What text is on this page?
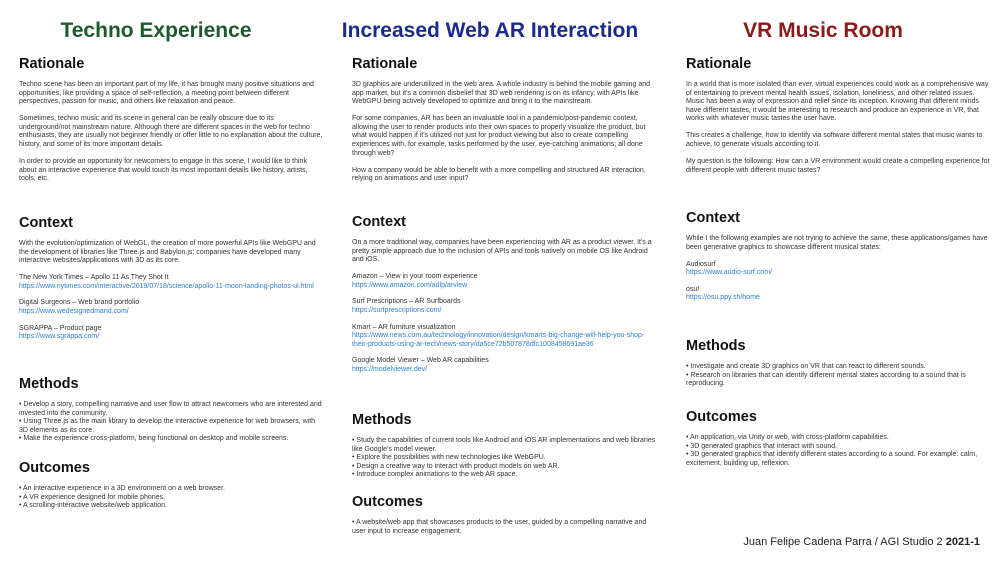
Techno Experience
Rationale

Techno scene has been an important part of my life, it has brought many positive situations and opportunities, like providing a space of self-reflection, a meeting point between different perspectives, passion for music, and others like relaxation and peace.

Sometimes, techno music and its scene in general can be really obscure due to its underground/not mainstream nature. Although there are different spaces in the web for techno enthusiasts, they are usually not beginner friendly or offer little to no explanation about the culture, history, and some of its more important details.

In order to provide an opportunity for newcomers to engage in this scene, I would like to think about an interactive experience that would touch its most important details like history, artists, tools, etc.

Context

With the evolution/optimization of WebGL, the creation of more powerful APIs like WebGPU and the development of libraries like Three.js and Babylon.js; companies have developed many interactive websites/applications with 3D as its core.

The New York Times – Apollo 11 As They Shot It
https://www.nytimes.com/interactive/2019/07/18/science/apollo-11-moon-landing-photos-ul.html
Digital Surgeons – Web brand portfolio
https://www.wedesignedmand.com/
SGRAPPA – Product page
https://www.sgrappa.com/
Methods
• Develop a story, compelling narrative and user flow to attract newcomers who are interested and invested into the community.
• Using Three.js as the main library to develop the interactive experience for web browsers, with 3D elements as its core.
• Make the experience cross-platform, being functional on desktop and mobile screens.
Outcomes
• An interactive experience in a 3D environment on a web browser.
• A VR experience designed for mobile phones.
• A scrolling-interactive website/web application.
Increased Web AR Interaction
Rationale

3D graphics are underutilized in the web area. A whole industry is behind the mobile gaming and app market, but it's a common disbelief that 3D web rendering is on its infancy, with APIs like WebGPU being actively developed to optimize and bring it to the mainstream.

For some companies, AR has been an invaluable tool in a pandemic/post-pandemic context, allowing the user to render products into their own spaces to properly visualize the product, but what would happen if it's utilized not just for product viewing but also to create compelling experiences with, for example, tasks performed by the user, eye-catching animations; all done through web?

How a company would be able to benefit with a more compelling and structured AR interaction, relying on animations and user input?

Context

On a more traditional way, companies have been experiencing with AR as a product viewer. It's a pretty simple approach due to the inclusion of APIs and tools natively on mobile OS like Android and iOS.

Amazon – View in your room experience
https://www.amazon.com/adlp/arview
Surf Prescriptions – AR Surfboards
https://surfprescriptions.com/
Kmart – AR furniture visualization
https://www.news.com.au/technology/innovation/design/kmarts-big-change-will-help-you-shop-their-products-using-ar-tech/news-story/da5ce72b507878dfc1008458691ae36
Google Model Viewer – Web AR capabilities
https://modelviewer.dev/
Methods
• Study the capabilities of current tools like Android and iOS AR implementations and web libraries like Google's model viewer.
• Explore the possibilities with new technologies like WebGPU.
• Design a creative way to interact with product models on web AR.
• Introduce complex animations to the web AR space.
Outcomes
• A website/web app that showcases products to the user, guided by a compelling narrative and user input to increase engagement.
VR Music Room
Rationale

In a world that is more isolated than ever, virtual experiences could work as a comprehensive way of entertaining to prevent mental health issues, isolation, loneliness, and other related issues. Music has been a way of expression and relief since its inception. Knowing that different minds have different tastes, it would be interesting to research and produce an experience in VR, that works with whatever music tastes the user have.

This creates a challenge, how to identify via software different mental states that music wants to achieve, to generate visuals according to it.

My question is the following: How can a VR environment would create a compelling experience for different people with different music tastes?

Context

While I the following examples are not trying to achieve the same, these applications/games have been generative graphics to showcase different musical states:

Audiosurf
https://www.audio-surf.com/
osu!
https://osu.ppy.sh/home
Methods
• Investigate and create 3D graphics on VR that can react to different sounds.
• Research on libraries that can identify different mental states according to a sound that is reproducing.
Outcomes
• An application, via Unity or web, with cross-platform capabilities.
• 3D generated graphics that interact with sound.
• 3D generated graphics that identify different states according to a sound. For example: calm, excitement, building up, reflexion.
Juan Felipe Cadena Parra / AGI Studio 2 2021-1
